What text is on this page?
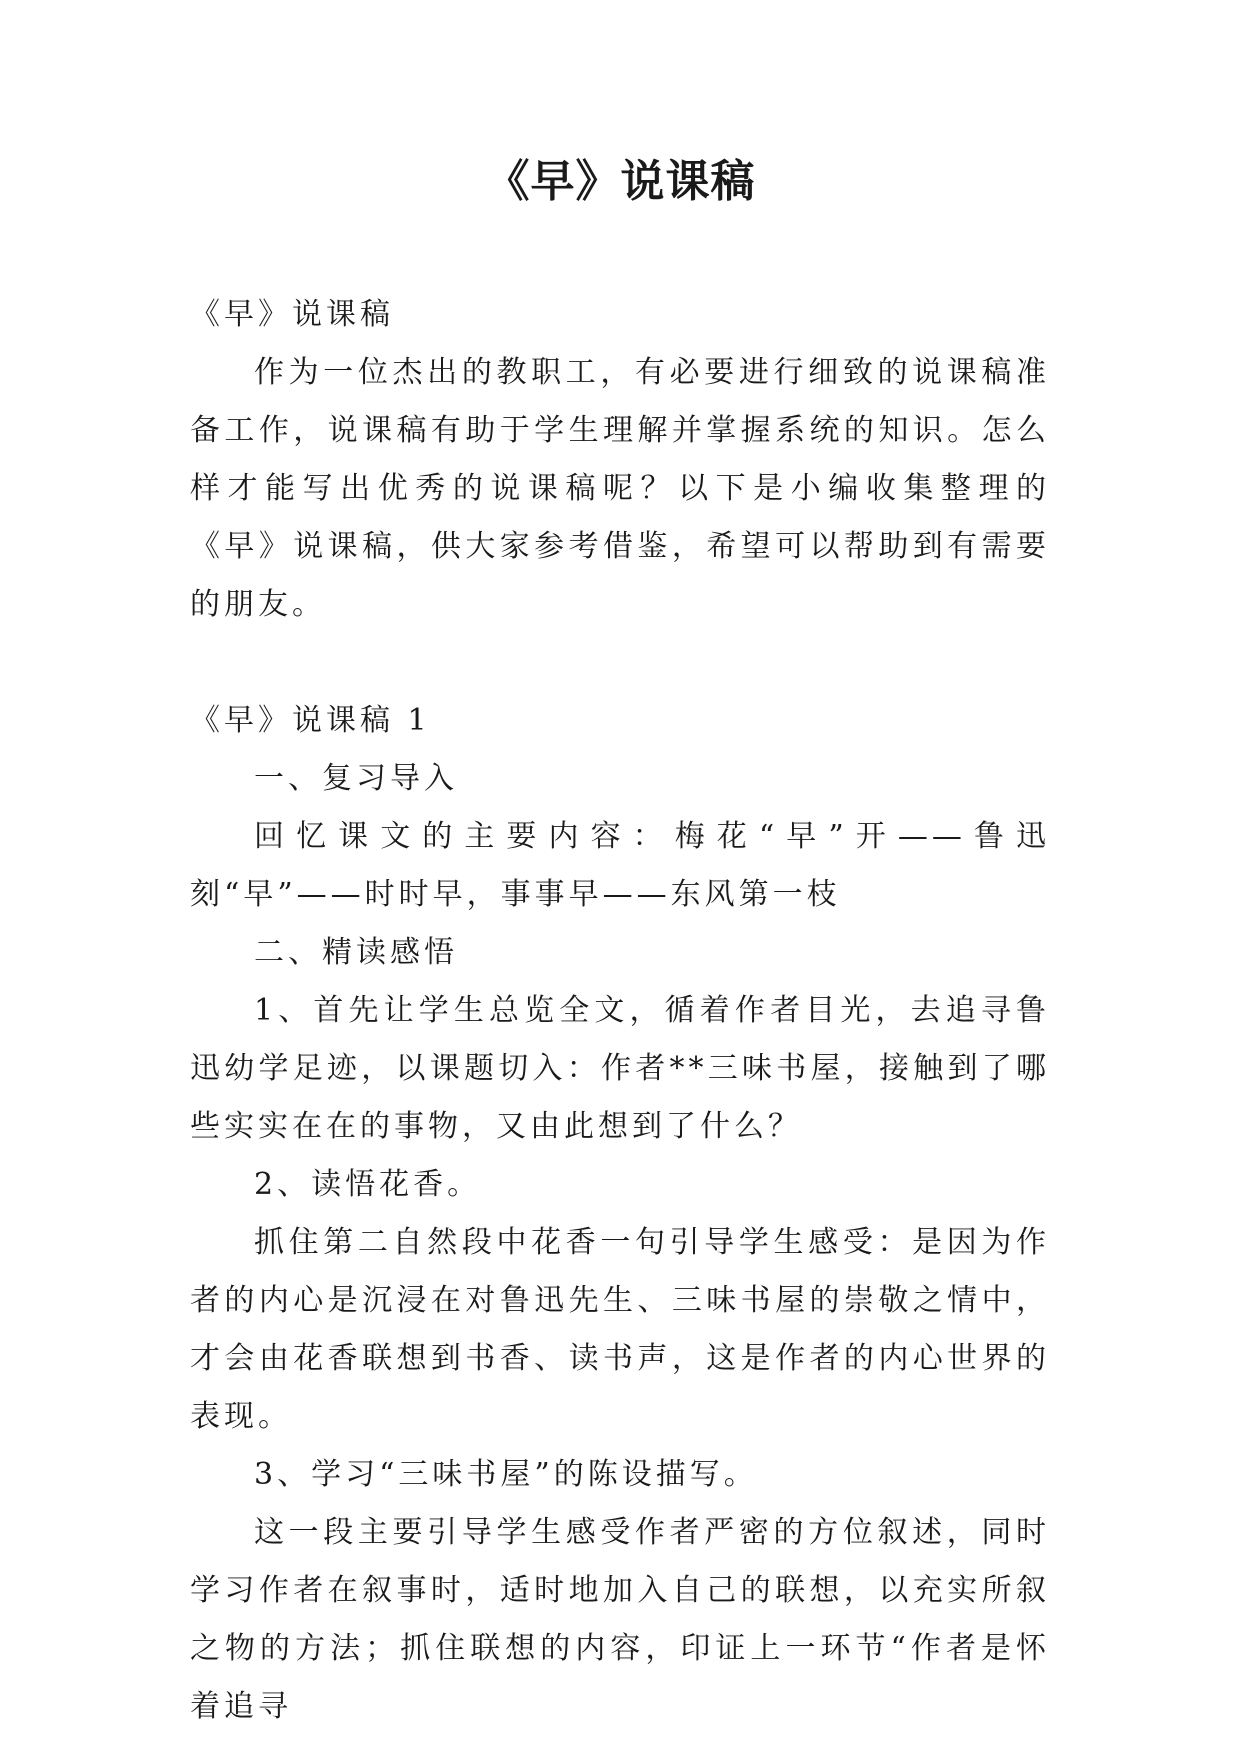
《早》说课稿

《早》说课稿

作为一位杰出的教职工，有必要进行细致的说课稿准备工作，说课稿有助于学生理解并掌握系统的知识。怎么样才能写出优秀的说课稿呢？以下是小编收集整理的《早》说课稿，供大家参考借鉴，希望可以帮助到有需要的朋友。

《早》说课稿 1

一、复习导入

回忆课文的主要内容：梅花“早”开——鲁迅刻“早”——时时早，事事早——东风第一枝

二、精读感悟

1、首先让学生总览全文，循着作者目光，去追寻鲁迅幼学足迹，以课题切入：作者**三味书屋，接触到了哪些实实在在的事物，又由此想到了什么？

2、读悟花香。

抓住第二自然段中花香一句引导学生感受：是因为作者的内心是沉浸在对鲁迅先生、三味书屋的崇敬之情中，才会由花香联想到书香、读书声，这是作者的内心世界的表现。

3、学习“三味书屋”的陈设描写。

这一段主要引导学生感受作者严密的方位叙述，同时学习作者在叙事时，适时地加入自己的联想，以充实所叙之物的方法；抓住联想的内容，印证上一环节“作者是怀着追寻
